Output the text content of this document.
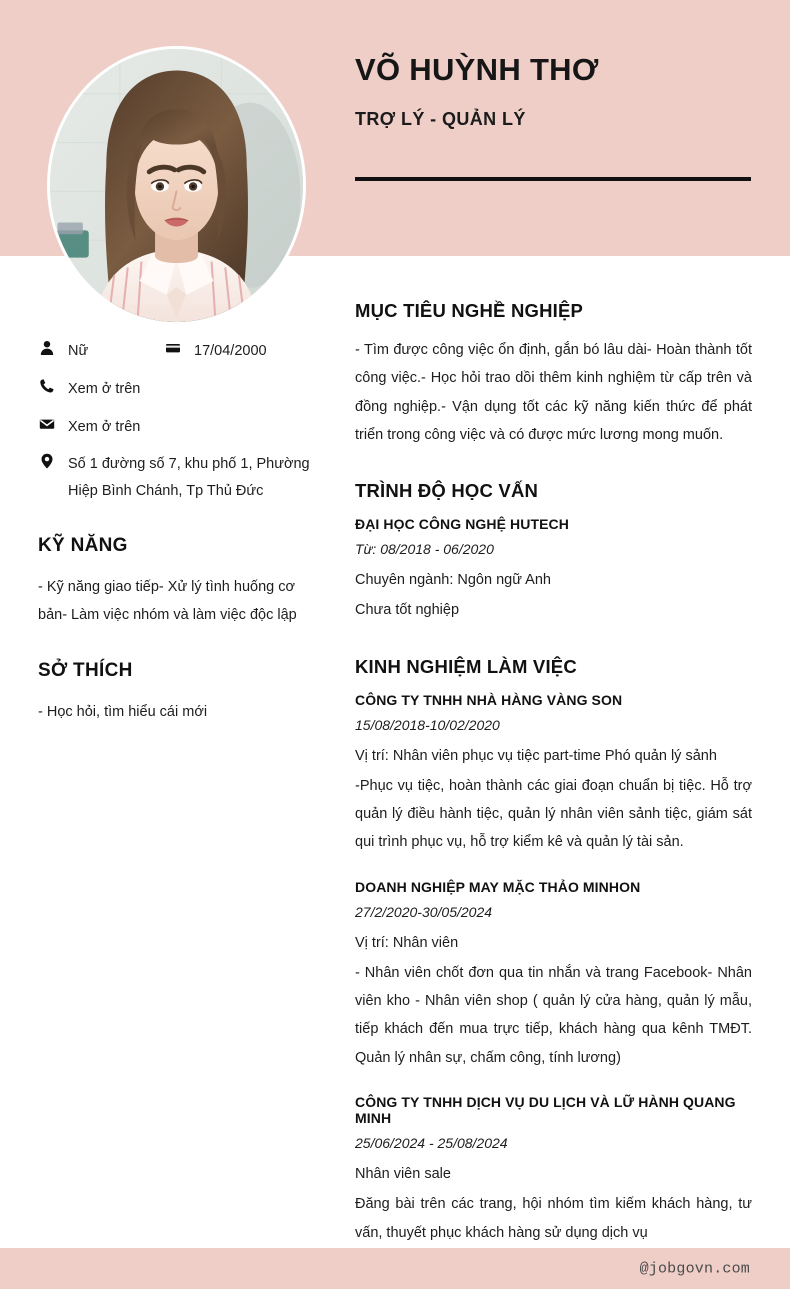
VÕ HUỲNH THƠ
TRỢ LÝ - QUẢN LÝ
Nữ	17/04/2000
Xem ở trên
Xem ở trên
Số 1 đường số 7, khu phố 1, Phường Hiệp Bình Chánh, Tp Thủ Đức
KỸ NĂNG
- Kỹ năng giao tiếp- Xử lý tình huống cơ bản- Làm việc nhóm và làm việc độc lập
SỞ THÍCH
- Học hỏi, tìm hiểu cái mới
MỤC TIÊU NGHỀ NGHIỆP
- Tìm được công việc ổn định, gắn bó lâu dài- Hoàn thành tốt công việc.- Học hỏi trao dồi thêm kinh nghiệm từ cấp trên và đồng nghiệp.- Vận dụng tốt các kỹ năng kiến thức để phát triển trong công việc và có được mức lương mong muốn.
TRÌNH ĐỘ HỌC VẤN
ĐẠI HỌC CÔNG NGHỆ HUTECH
Từ: 08/2018 - 06/2020
Chuyên ngành: Ngôn ngữ Anh
Chưa tốt nghiệp
KINH NGHIỆM LÀM VIỆC
CÔNG TY TNHH NHÀ HÀNG VÀNG SON
15/08/2018-10/02/2020
Vị trí: Nhân viên phục vụ tiệc part-time Phó quản lý sảnh
-Phục vụ tiệc, hoàn thành các giai đoạn chuẩn bị tiệc. Hỗ trợ quản lý điều hành tiệc, quản lý nhân viên sảnh tiệc, giám sát qui trình phục vụ, hỗ trợ kiểm kê và quản lý tài sản.
DOANH NGHIỆP MAY MẶC THẢO MINHON
27/2/2020-30/05/2024
Vị trí: Nhân viên
- Nhân viên chốt đơn qua tin nhắn và trang Facebook- Nhân viên kho - Nhân viên shop ( quản lý cửa hàng, quản lý mẫu, tiếp khách đến mua trực tiếp, khách hàng qua kênh TMĐT. Quản lý nhân sự, chấm công, tính lương)
CÔNG TY TNHH DỊCH VỤ DU LỊCH VÀ LỮ HÀNH QUANG MINH
25/06/2024 - 25/08/2024
Nhân viên sale
Đăng bài trên các trang, hội nhóm tìm kiếm khách hàng, tư vấn, thuyết phục khách hàng sử dụng dịch vụ
@jobgovn.com
